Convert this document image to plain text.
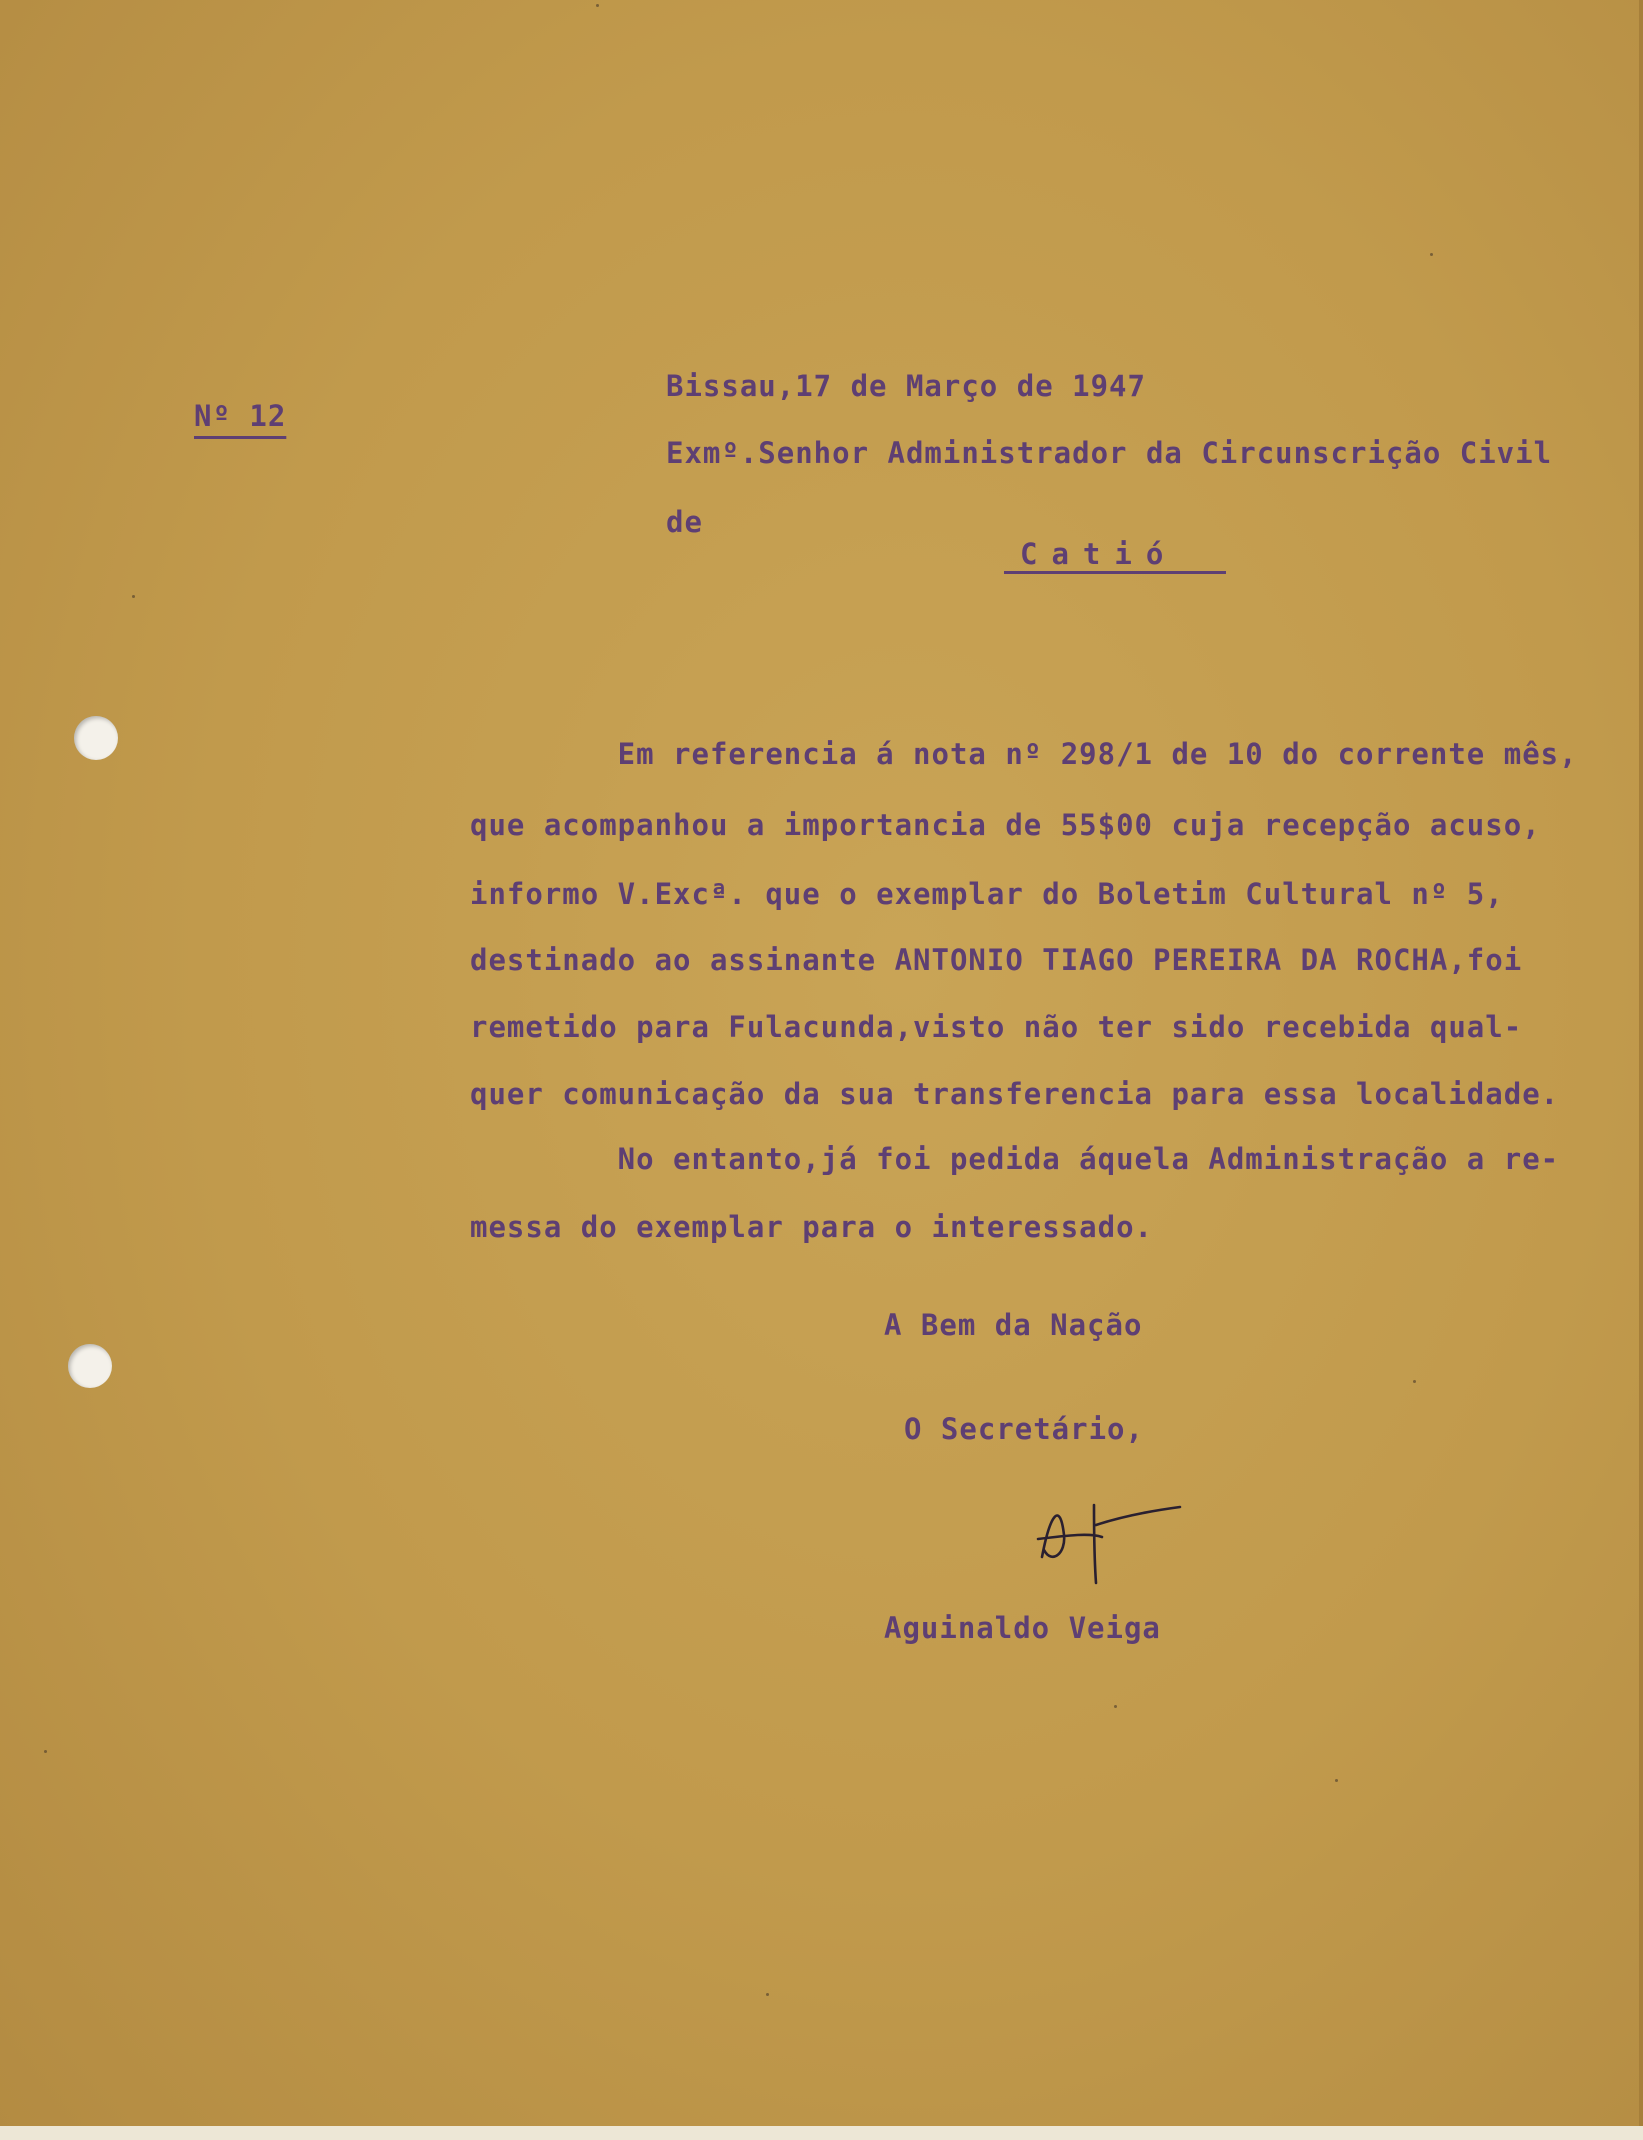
Nº 12
Bissau,17 de Março de 1947
Exmº.Senhor Administrador da Circunscrição Civil
de
Catió
Em referencia á nota nº 298/1 de 10 do corrente mês,
que acompanhou a importancia de 55$00 cuja recepção acuso,
informo V.Excª. que o exemplar do Boletim Cultural nº 5,
destinado ao assinante ANTONIO TIAGO PEREIRA DA ROCHA,foi
remetido para Fulacunda,visto não ter sido recebida qual-
quer comunicação da sua transferencia para essa localidade.
No entanto,já foi pedida áquela Administração a re-
messa do exemplar para o interessado.
A Bem da Nação
O Secretário,
Aguinaldo Veiga
